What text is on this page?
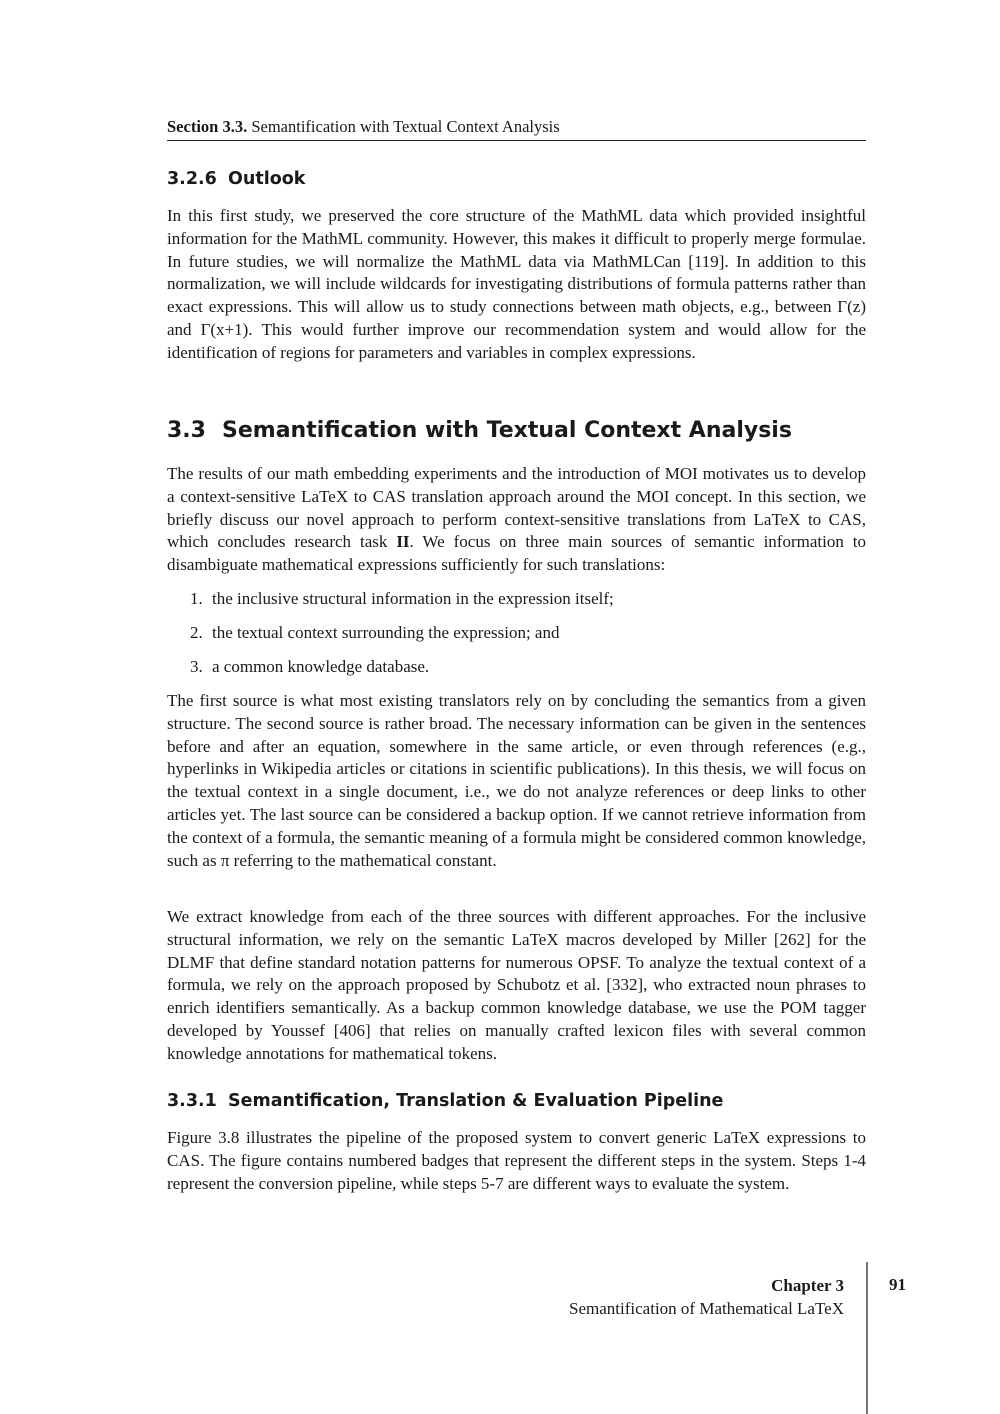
Section 3.3. Semantification with Textual Context Analysis
3.2.6 Outlook

In this first study, we preserved the core structure of the MathML data which provided insightful information for the MathML community. However, this makes it difficult to properly merge formulae. In future studies, we will normalize the MathML data via MathMLCan [119]. In addition to this normalization, we will include wildcards for investigating distributions of formula patterns rather than exact expressions. This will allow us to study connections between math objects, e.g., between Γ(z) and Γ(x+1). This would further improve our recommendation system and would allow for the identification of regions for parameters and variables in complex expressions.

3.3 Semantification with Textual Context Analysis

The results of our math embedding experiments and the introduction of MOI motivates us to develop a context-sensitive LaTeX to CAS translation approach around the MOI concept. In this section, we briefly discuss our novel approach to perform context-sensitive translations from LaTeX to CAS, which concludes research task II. We focus on three main sources of semantic information to disambiguate mathematical expressions sufficiently for such translations:

1. the inclusive structural information in the expression itself;
2. the textual context surrounding the expression; and
3. a common knowledge database.

The first source is what most existing translators rely on by concluding the semantics from a given structure. The second source is rather broad. The necessary information can be given in the sentences before and after an equation, somewhere in the same article, or even through references (e.g., hyperlinks in Wikipedia articles or citations in scientific publications). In this thesis, we will focus on the textual context in a single document, i.e., we do not analyze references or deep links to other articles yet. The last source can be considered a backup option. If we cannot retrieve information from the context of a formula, the semantic meaning of a formula might be considered common knowledge, such as π referring to the mathematical constant.

We extract knowledge from each of the three sources with different approaches. For the inclusive structural information, we rely on the semantic LaTeX macros developed by Miller [262] for the DLMF that define standard notation patterns for numerous OPSF. To analyze the textual context of a formula, we rely on the approach proposed by Schubotz et al. [332], who extracted noun phrases to enrich identifiers semantically. As a backup common knowledge database, we use the POM tagger developed by Youssef [406] that relies on manually crafted lexicon files with several common knowledge annotations for mathematical tokens.

3.3.1 Semantification, Translation & Evaluation Pipeline

Figure 3.8 illustrates the pipeline of the proposed system to convert generic LaTeX expressions to CAS. The figure contains numbered badges that represent the different steps in the system. Steps 1-4 represent the conversion pipeline, while steps 5-7 are different ways to evaluate the system.

Chapter 3
Semantification of Mathematical LaTeX
91
